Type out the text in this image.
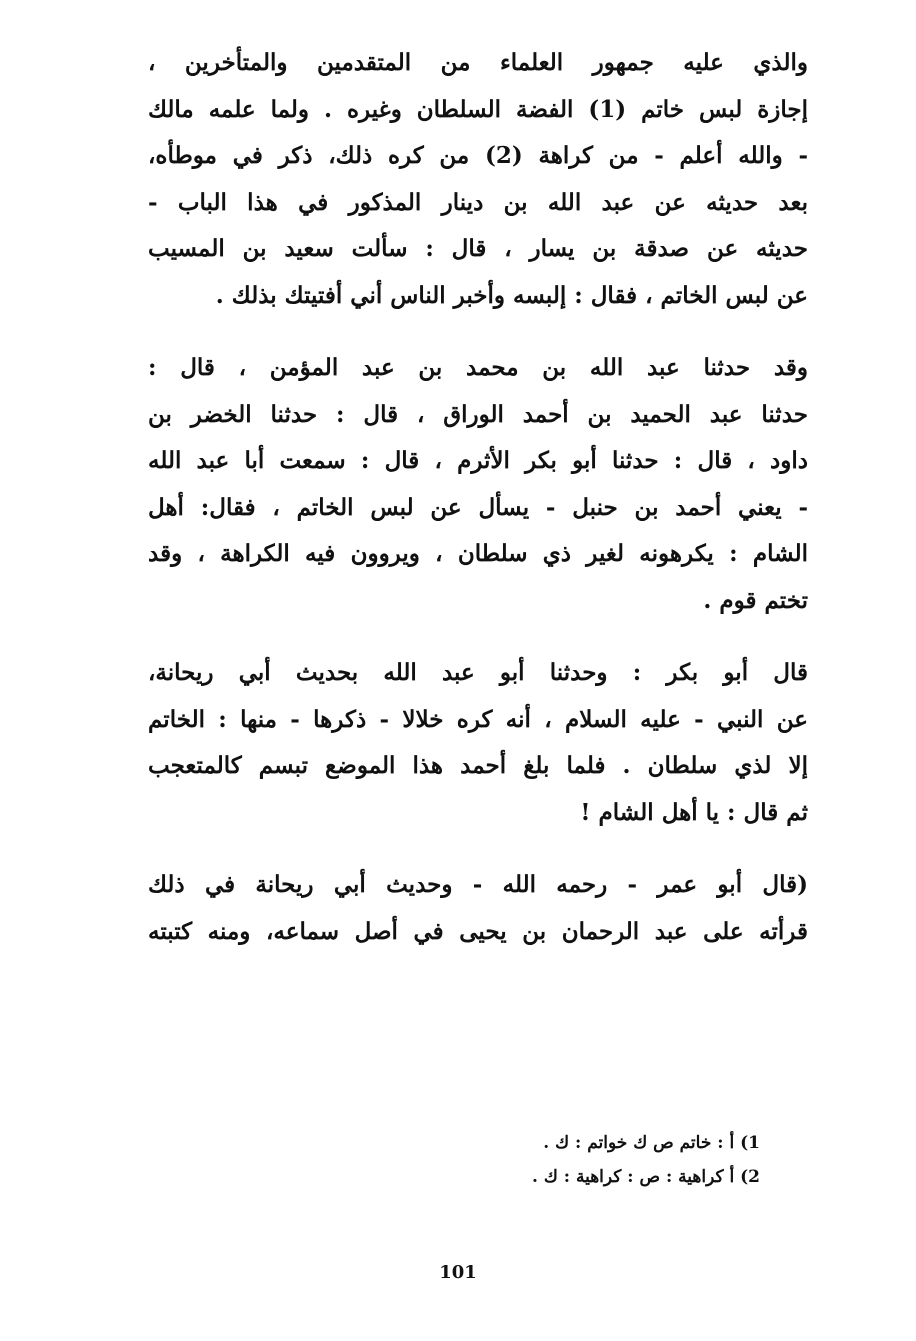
والذي عليه جمهور العلماء من المتقدمين والمتأخرين ،
إجازة لبس خاتم (1) الفضة السلطان وغيره . ولما علمه مالك
- والله أعلم - من كراهة (2) من كره ذلك، ذكر في موطأه،
بعد حديثه عن عبد الله بن دينار المذكور في هذا الباب -
حديثه عن صدقة بن يسار ، قال : سألت سعيد بن المسيب
عن لبس الخاتم ، فقال : إلبسه وأخبر الناس أني أفتيتك بذلك .
وقد حدثنا عبد الله بن محمد بن عبد المؤمن ، قال :
حدثنا عبد الحميد بن أحمد الوراق ، قال : حدثنا الخضر بن
داود ، قال : حدثنا أبو بكر الأثرم ، قال : سمعت أبا عبد الله
- يعني أحمد بن حنبل - يسأل عن لبس الخاتم ، فقال: أهل
الشام : يكرهونه لغير ذي سلطان ، ويروون فيه الكراهة ، وقد
تختم قوم .
قال أبو بكر : وحدثنا أبو عبد الله بحديث أبي ريحانة،
عن النبي - عليه السلام ، أنه كره خلالا - ذكرها - منها : الخاتم
إلا لذي سلطان . فلما بلغ أحمد هذا الموضع تبسم كالمتعجب
ثم قال : يا أهل الشام !
(قال أبو عمر - رحمه الله - وحديث أبي ريحانة في ذلك
قرأته على عبد الرحمان بن يحيى في أصل سماعه، ومنه كتبته
1) أ : خاتم ص ك خواتم : ك .
2) أ كراهية : ص : كراهية : ك .
101
